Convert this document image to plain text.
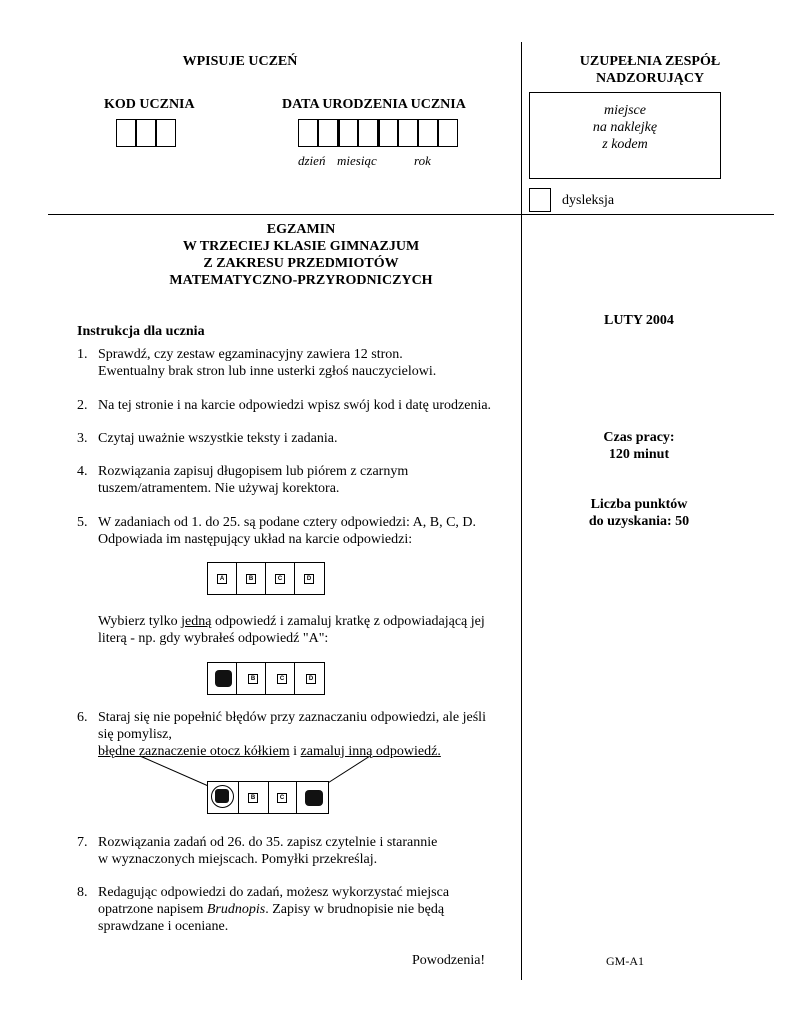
WPISUJE UCZEŃ
KOD UCZNIA	DATA URODZENIA UCZNIA
dzień miesiąc	rok
UZUPEŁNIA ZESPÓŁ
NADZORUJĄCY
miejsce
na naklejkę
z kodem
dysleksja
EGZAMIN
W TRZECIEJ KLASIE GIMNAZJUM
Z ZAKRESU PRZEDMIOTÓW
MATEMATYCZNO-PRZYRODNICZYCH
LUTY 2004
Czas pracy:
120 minut
Liczba punktów
do uzyskania: 50
GM-A1
Instrukcja dla ucznia
1. Sprawdź, czy zestaw egzaminacyjny zawiera 12 stron.
Ewentualny brak stron lub inne usterki zgłoś nauczycielowi.
2. Na tej stronie i na karcie odpowiedzi wpisz swój kod i datę urodzenia.
3. Czytaj uważnie wszystkie teksty i zadania.
4. Rozwiązania zapisuj długopisem lub piórem z czarnym
tuszem/atramentem. Nie używaj korektora.
5. W zadaniach od 1. do 25. są podane cztery odpowiedzi: A, B, C, D.
Odpowiada im następujący układ na karcie odpowiedzi:
A	B	C	D
Wybierz tylko jedną odpowiedź i zamaluj kratkę z odpowiadającą jej
literą - np. gdy wybrałeś odpowiedź "A":
B	C	D
6. Staraj się nie popełnić błędów przy zaznaczaniu odpowiedzi, ale jeśli
się pomylisz,
błędne zaznaczenie otocz kółkiem i zamaluj inną odpowiedź.
B	C
7. Rozwiązania zadań od 26. do 35. zapisz czytelnie i starannie
w wyznaczonych miejscach. Pomyłki przekreślaj.
8. Redagując odpowiedzi do zadań, możesz wykorzystać miejsca
opatrzone napisem Brudnopis. Zapisy w brudnopisie nie będą
sprawdzane i oceniane.
Powodzenia!
